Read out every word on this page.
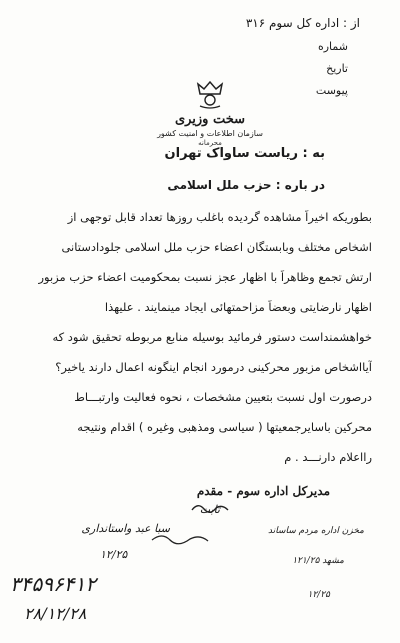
از : اداره کل سوم ۳۱۶
شماره
تاریخ
پیوست
سخت وزیری
سازمان اطلاعات و امنیت کشور
محرمانه
به : ریاست ساواک تهران
در باره : حزب ملل اسلامی
بطوریکه اخیراً مشاهده گردیده باغلب روزها تعداد قابل توجهی از
اشخاص مختلف وبابستگان اعضاء حزب ملل اسلامی جلودادستانی
ارتش تجمع وظاهراً با اظهار عجز نسبت بمحکومیت اعضاء حزب مزبور
اظهار نارضایتی وبعضاً مزاحمتهائی ایجاد مینمایند . علیهذا
خواهشمنداست دستور فرمائید بوسیله منابع مربوطه تحقیق شود که
آیااشخاص مزبور محرکینی درمورد انجام اینگونه اعمال دارند یاخیر؟
درصورت اول نسبت بتعیین مشخصات ، نحوه فعالیت وارتبـــاط
محرکین باسایرجمعیتها ( سیاسی ومذهبی وغیره ) اقدام ونتیجه
رااعلام دارنـــد . م
مدیرکل اداره سوم - مقدم
ثابت
سبا عبد واستانداری	مخزن اداره مردم ساساند
۱۲/۲۵	مشهد ۱۲۱/۲۵
۱۲/۲۵
۳۴۵۹۶۴۱۲
۲۸/۱۲/۲۸
